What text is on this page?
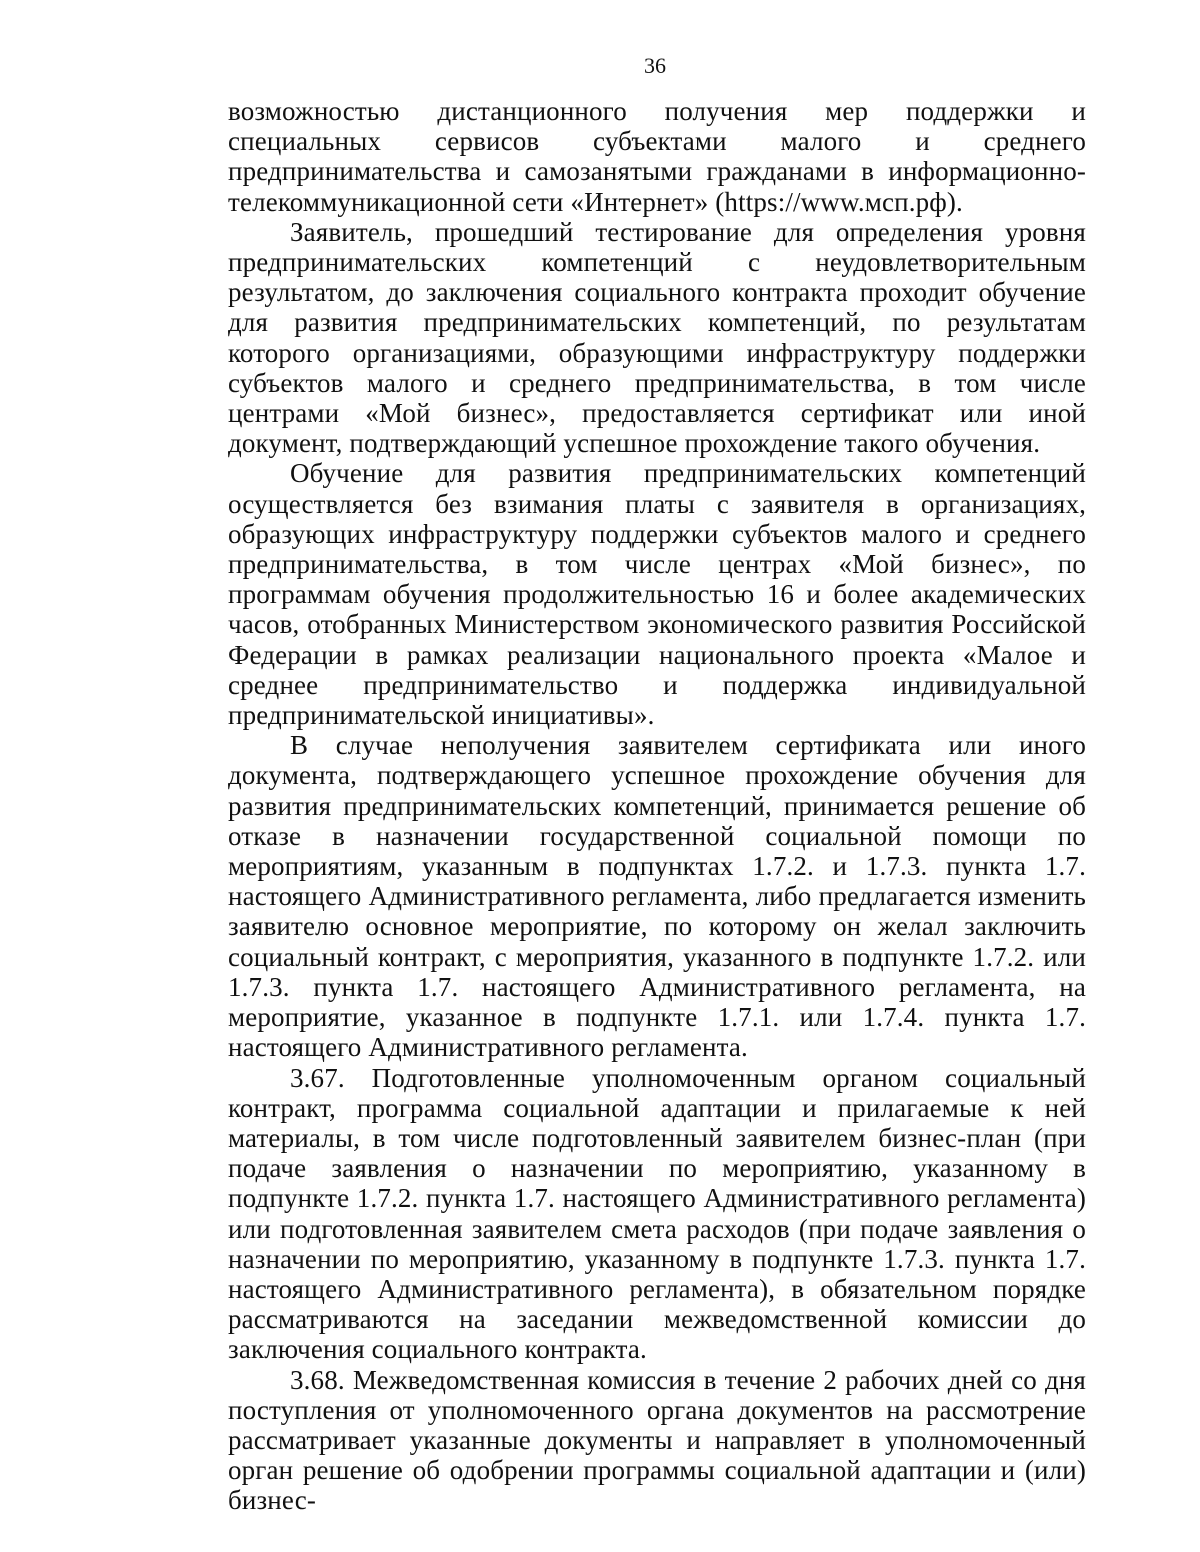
36

возможностью дистанционного получения мер поддержки и специальных сервисов субъектами малого и среднего предпринимательства и самозанятыми гражданами в информационно-телекоммуникационной сети «Интернет» (https://www.мсп.рф).

Заявитель, прошедший тестирование для определения уровня предпринимательских компетенций с неудовлетворительным результатом, до заключения социального контракта проходит обучение для развития предпринимательских компетенций, по результатам которого организациями, образующими инфраструктуру поддержки субъектов малого и среднего предпринимательства, в том числе центрами «Мой бизнес», предоставляется сертификат или иной документ, подтверждающий успешное прохождение такого обучения.

Обучение для развития предпринимательских компетенций осуществляется без взимания платы с заявителя в организациях, образующих инфраструктуру поддержки субъектов малого и среднего предпринимательства, в том числе центрах «Мой бизнес», по программам обучения продолжительностью 16 и более академических часов, отобранных Министерством экономического развития Российской Федерации в рамках реализации национального проекта «Малое и среднее предпринимательство и поддержка индивидуальной предпринимательской инициативы».

В случае неполучения заявителем сертификата или иного документа, подтверждающего успешное прохождение обучения для развития предпринимательских компетенций, принимается решение об отказе в назначении государственной социальной помощи по мероприятиям, указанным в подпунктах 1.7.2. и 1.7.3. пункта 1.7. настоящего Административного регламента, либо предлагается изменить заявителю основное мероприятие, по которому он желал заключить социальный контракт, с мероприятия, указанного в подпункте 1.7.2. или 1.7.3. пункта 1.7. настоящего Административного регламента, на мероприятие, указанное в подпункте 1.7.1. или 1.7.4. пункта 1.7. настоящего Административного регламента.

3.67. Подготовленные уполномоченным органом социальный контракт, программа социальной адаптации и прилагаемые к ней материалы, в том числе подготовленный заявителем бизнес-план (при подаче заявления о назначении по мероприятию, указанному в подпункте 1.7.2. пункта 1.7. настоящего Административного регламента) или подготовленная заявителем смета расходов (при подаче заявления о назначении по мероприятию, указанному в подпункте 1.7.3. пункта 1.7. настоящего Административного регламента), в обязательном порядке рассматриваются на заседании межведомственной комиссии до заключения социального контракта.

3.68. Межведомственная комиссия в течение 2 рабочих дней со дня поступления от уполномоченного органа документов на рассмотрение рассматривает указанные документы и направляет в уполномоченный орган решение об одобрении программы социальной адаптации и (или) бизнес-
